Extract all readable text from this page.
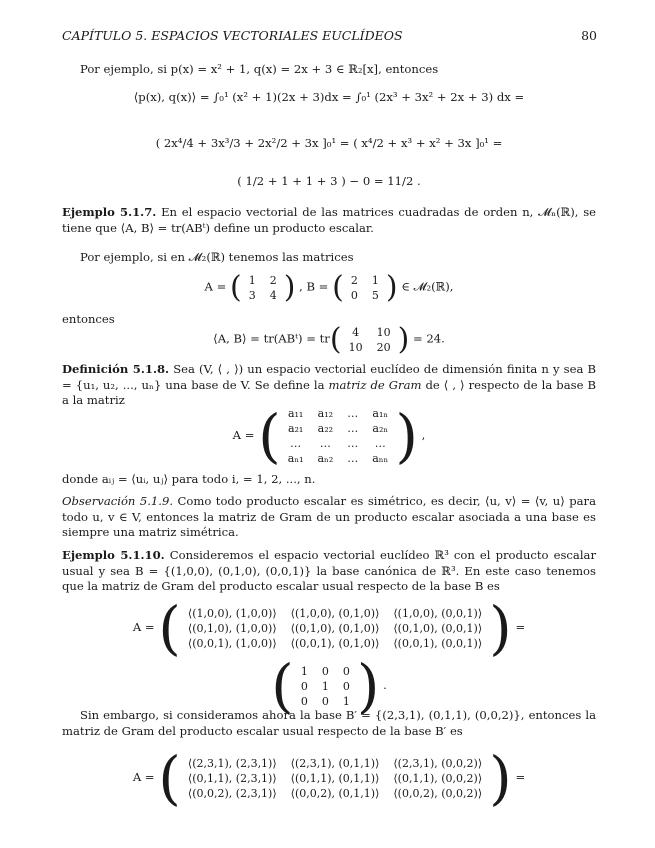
CAPÍTULO 5. ESPACIOS VECTORIALES EUCLÍDEOS	80
Por ejemplo, si p(x) = x² + 1, q(x) = 2x + 3 ∈ ℝ₂[x], entonces
⟨p(x), q(x)⟩ = ∫₀¹ (x² + 1)(2x + 3)dx = ∫₀¹ (2x³ + 3x² + 2x + 3) dx =
( 2x⁴/4 + 3x³/3 + 2x²/2 + 3x ]₀¹ = ( x⁴/2 + x³ + x² + 3x ]₀¹ =
( 1/2 + 1 + 1 + 3 ) − 0 = 11/2 .
Ejemplo 5.1.7. En el espacio vectorial de las matrices cuadradas de orden n, 𝓜ₙ(ℝ), se tiene que ⟨A, B⟩ = tr(ABᵗ) define un producto escalar.
Por ejemplo, si en 𝓜₂(ℝ) tenemos las matrices
A = ( 1	2
3	4 ) , B = ( 2	1
0	5 ) ∈ 𝓜₂(ℝ),
entonces
⟨A, B⟩ = tr(ABᵗ) = tr( 4	10
10	20 ) = 24.
Definición 5.1.8. Sea (V, ⟨ , ⟩) un espacio vectorial euclídeo de dimensión finita n y sea B = {u₁, u₂, ..., uₙ} una base de V. Se define la matriz de Gram de ⟨ , ⟩ respecto de la base B a la matriz
A = ( a₁₁	a₁₂	…	a₁ₙ
a₂₁	a₂₂	…	a₂ₙ
…	…	…	…
aₙ₁	aₙ₂	…	aₙₙ ) ,
donde aᵢⱼ = ⟨uᵢ, uⱼ⟩ para todo i, = 1, 2, ..., n.
Observación 5.1.9. Como todo producto escalar es simétrico, es decir, ⟨u, v⟩ = ⟨v, u⟩ para todo u, v ∈ V, entonces la matriz de Gram de un producto escalar asociada a una base es siempre una matriz simétrica.
Ejemplo 5.1.10. Consideremos el espacio vectorial euclídeo ℝ³ con el producto escalar usual y sea B = {(1,0,0), (0,1,0), (0,0,1)} la base canónica de ℝ³. En este caso tenemos que la matriz de Gram del producto escalar usual respecto de la base B es
A = ( ⟨(1,0,0), (1,0,0)⟩	⟨(1,0,0), (0,1,0)⟩	⟨(1,0,0), (0,0,1)⟩
⟨(0,1,0), (1,0,0)⟩	⟨(0,1,0), (0,1,0)⟩	⟨(0,1,0), (0,0,1)⟩
⟨(0,0,1), (1,0,0)⟩	⟨(0,0,1), (0,1,0)⟩	⟨(0,0,1), (0,0,1)⟩ ) =
( 1	0	0
0	1	0
0	0	1 ) .
Sin embargo, si consideramos ahora la base B′ = {(2,3,1), (0,1,1), (0,0,2)}, entonces la matriz de Gram del producto escalar usual respecto de la base B′ es
A = ( ⟨(2,3,1), (2,3,1)⟩	⟨(2,3,1), (0,1,1)⟩	⟨(2,3,1), (0,0,2)⟩
⟨(0,1,1), (2,3,1)⟩	⟨(0,1,1), (0,1,1)⟩	⟨(0,1,1), (0,0,2)⟩
⟨(0,0,2), (2,3,1)⟩	⟨(0,0,2), (0,1,1)⟩	⟨(0,0,2), (0,0,2)⟩ ) =
